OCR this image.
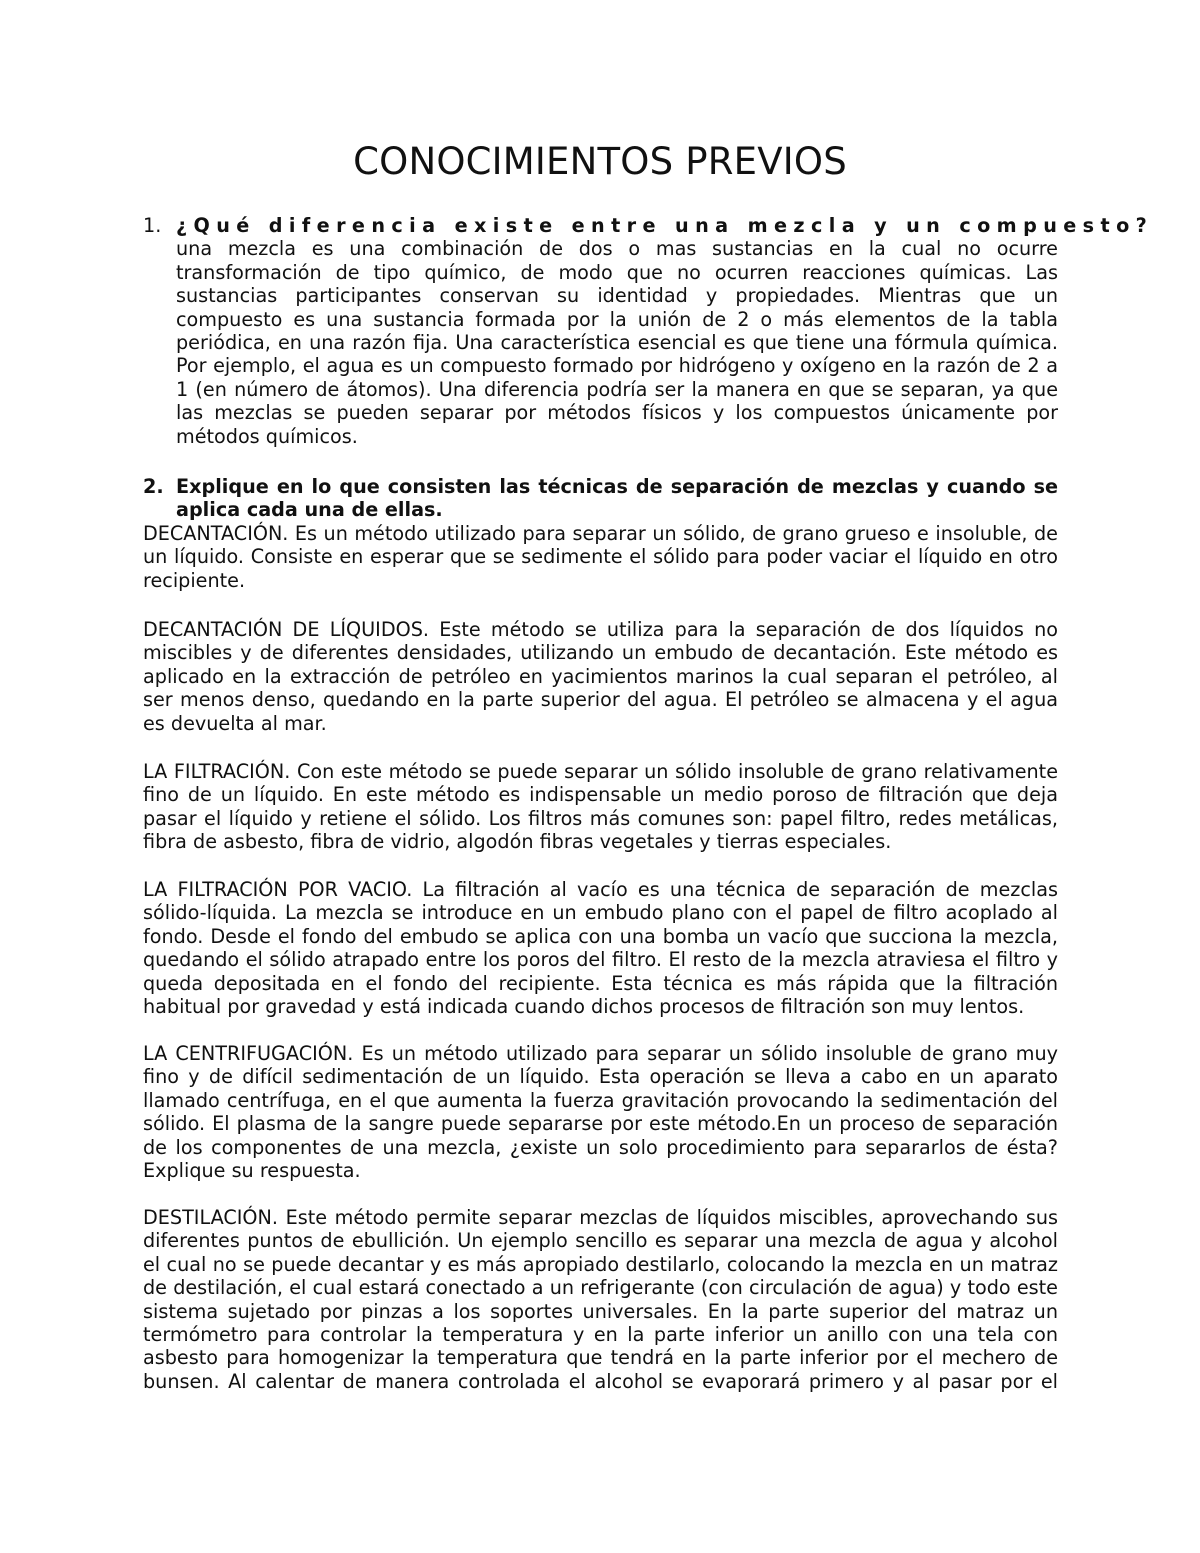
CONOCIMIENTOS PREVIOS
1. ¿Qué diferencia existe entre una mezcla y un compuesto?
una mezcla es una combinación de dos o mas sustancias en la cual no ocurre transformación de tipo químico, de modo que no ocurren reacciones químicas. Las sustancias participantes conservan su identidad y propiedades. Mientras que un compuesto es una sustancia formada por la unión de 2 o más elementos de la tabla periódica, en una razón fija. Una característica esencial es que tiene una fórmula química. Por ejemplo, el agua es un compuesto formado por hidrógeno y oxígeno en la razón de 2 a 1 (en número de átomos). Una diferencia podría ser la manera en que se separan, ya que las mezclas se pueden separar por métodos físicos y los compuestos únicamente por métodos químicos.
2. Explique en lo que consisten las técnicas de separación de mezclas y cuando se aplica cada una de ellas.
DECANTACIÓN. Es un método utilizado para separar un sólido, de grano grueso e insoluble, de un líquido. Consiste en esperar que se sedimente el sólido para poder vaciar el líquido en otro recipiente.
DECANTACIÓN DE LÍQUIDOS. Este método se utiliza para la separación de dos líquidos no miscibles y de diferentes densidades, utilizando un embudo de decantación. Este método es aplicado en la extracción de petróleo en yacimientos marinos la cual separan el petróleo, al ser menos denso, quedando en la parte superior del agua. El petróleo se almacena y el agua es devuelta al mar.
LA FILTRACIÓN. Con este método se puede separar un sólido insoluble de grano relativamente fino de un líquido. En este método es indispensable un medio poroso de filtración que deja pasar el líquido y retiene el sólido. Los filtros más comunes son: papel filtro, redes metálicas, fibra de asbesto, fibra de vidrio, algodón fibras vegetales y tierras especiales.
LA FILTRACIÓN POR VACIO. La filtración al vacío es una técnica de separación de mezclas sólido-líquida. La mezcla se introduce en un embudo plano con el papel de filtro acoplado al fondo. Desde el fondo del embudo se aplica con una bomba un vacío que succiona la mezcla, quedando el sólido atrapado entre los poros del filtro. El resto de la mezcla atraviesa el filtro y queda depositada en el fondo del recipiente. Esta técnica es más rápida que la filtración habitual por gravedad y está indicada cuando dichos procesos de filtración son muy lentos.
LA CENTRIFUGACIÓN. Es un método utilizado para separar un sólido insoluble de grano muy fino y de difícil sedimentación de un líquido. Esta operación se lleva a cabo en un aparato llamado centrífuga, en el que aumenta la fuerza gravitación provocando la sedimentación del sólido. El plasma de la sangre puede separarse por este método.En un proceso de separación de los componentes de una mezcla, ¿existe un solo procedimiento para separarlos de ésta? Explique su respuesta.
DESTILACIÓN. Este método permite separar mezclas de líquidos miscibles, aprovechando sus diferentes puntos de ebullición. Un ejemplo sencillo es separar una mezcla de agua y alcohol el cual no se puede decantar y es más apropiado destilarlo, colocando la mezcla en un matraz de destilación, el cual estará conectado a un refrigerante (con circulación de agua) y todo este sistema sujetado por pinzas a los soportes universales. En la parte superior del matraz un termómetro para controlar la temperatura y en la parte inferior un anillo con una tela con asbesto para homogenizar la temperatura que tendrá en la parte inferior por el mechero de bunsen. Al calentar de manera controlada el alcohol se evaporará primero y al pasar por el
